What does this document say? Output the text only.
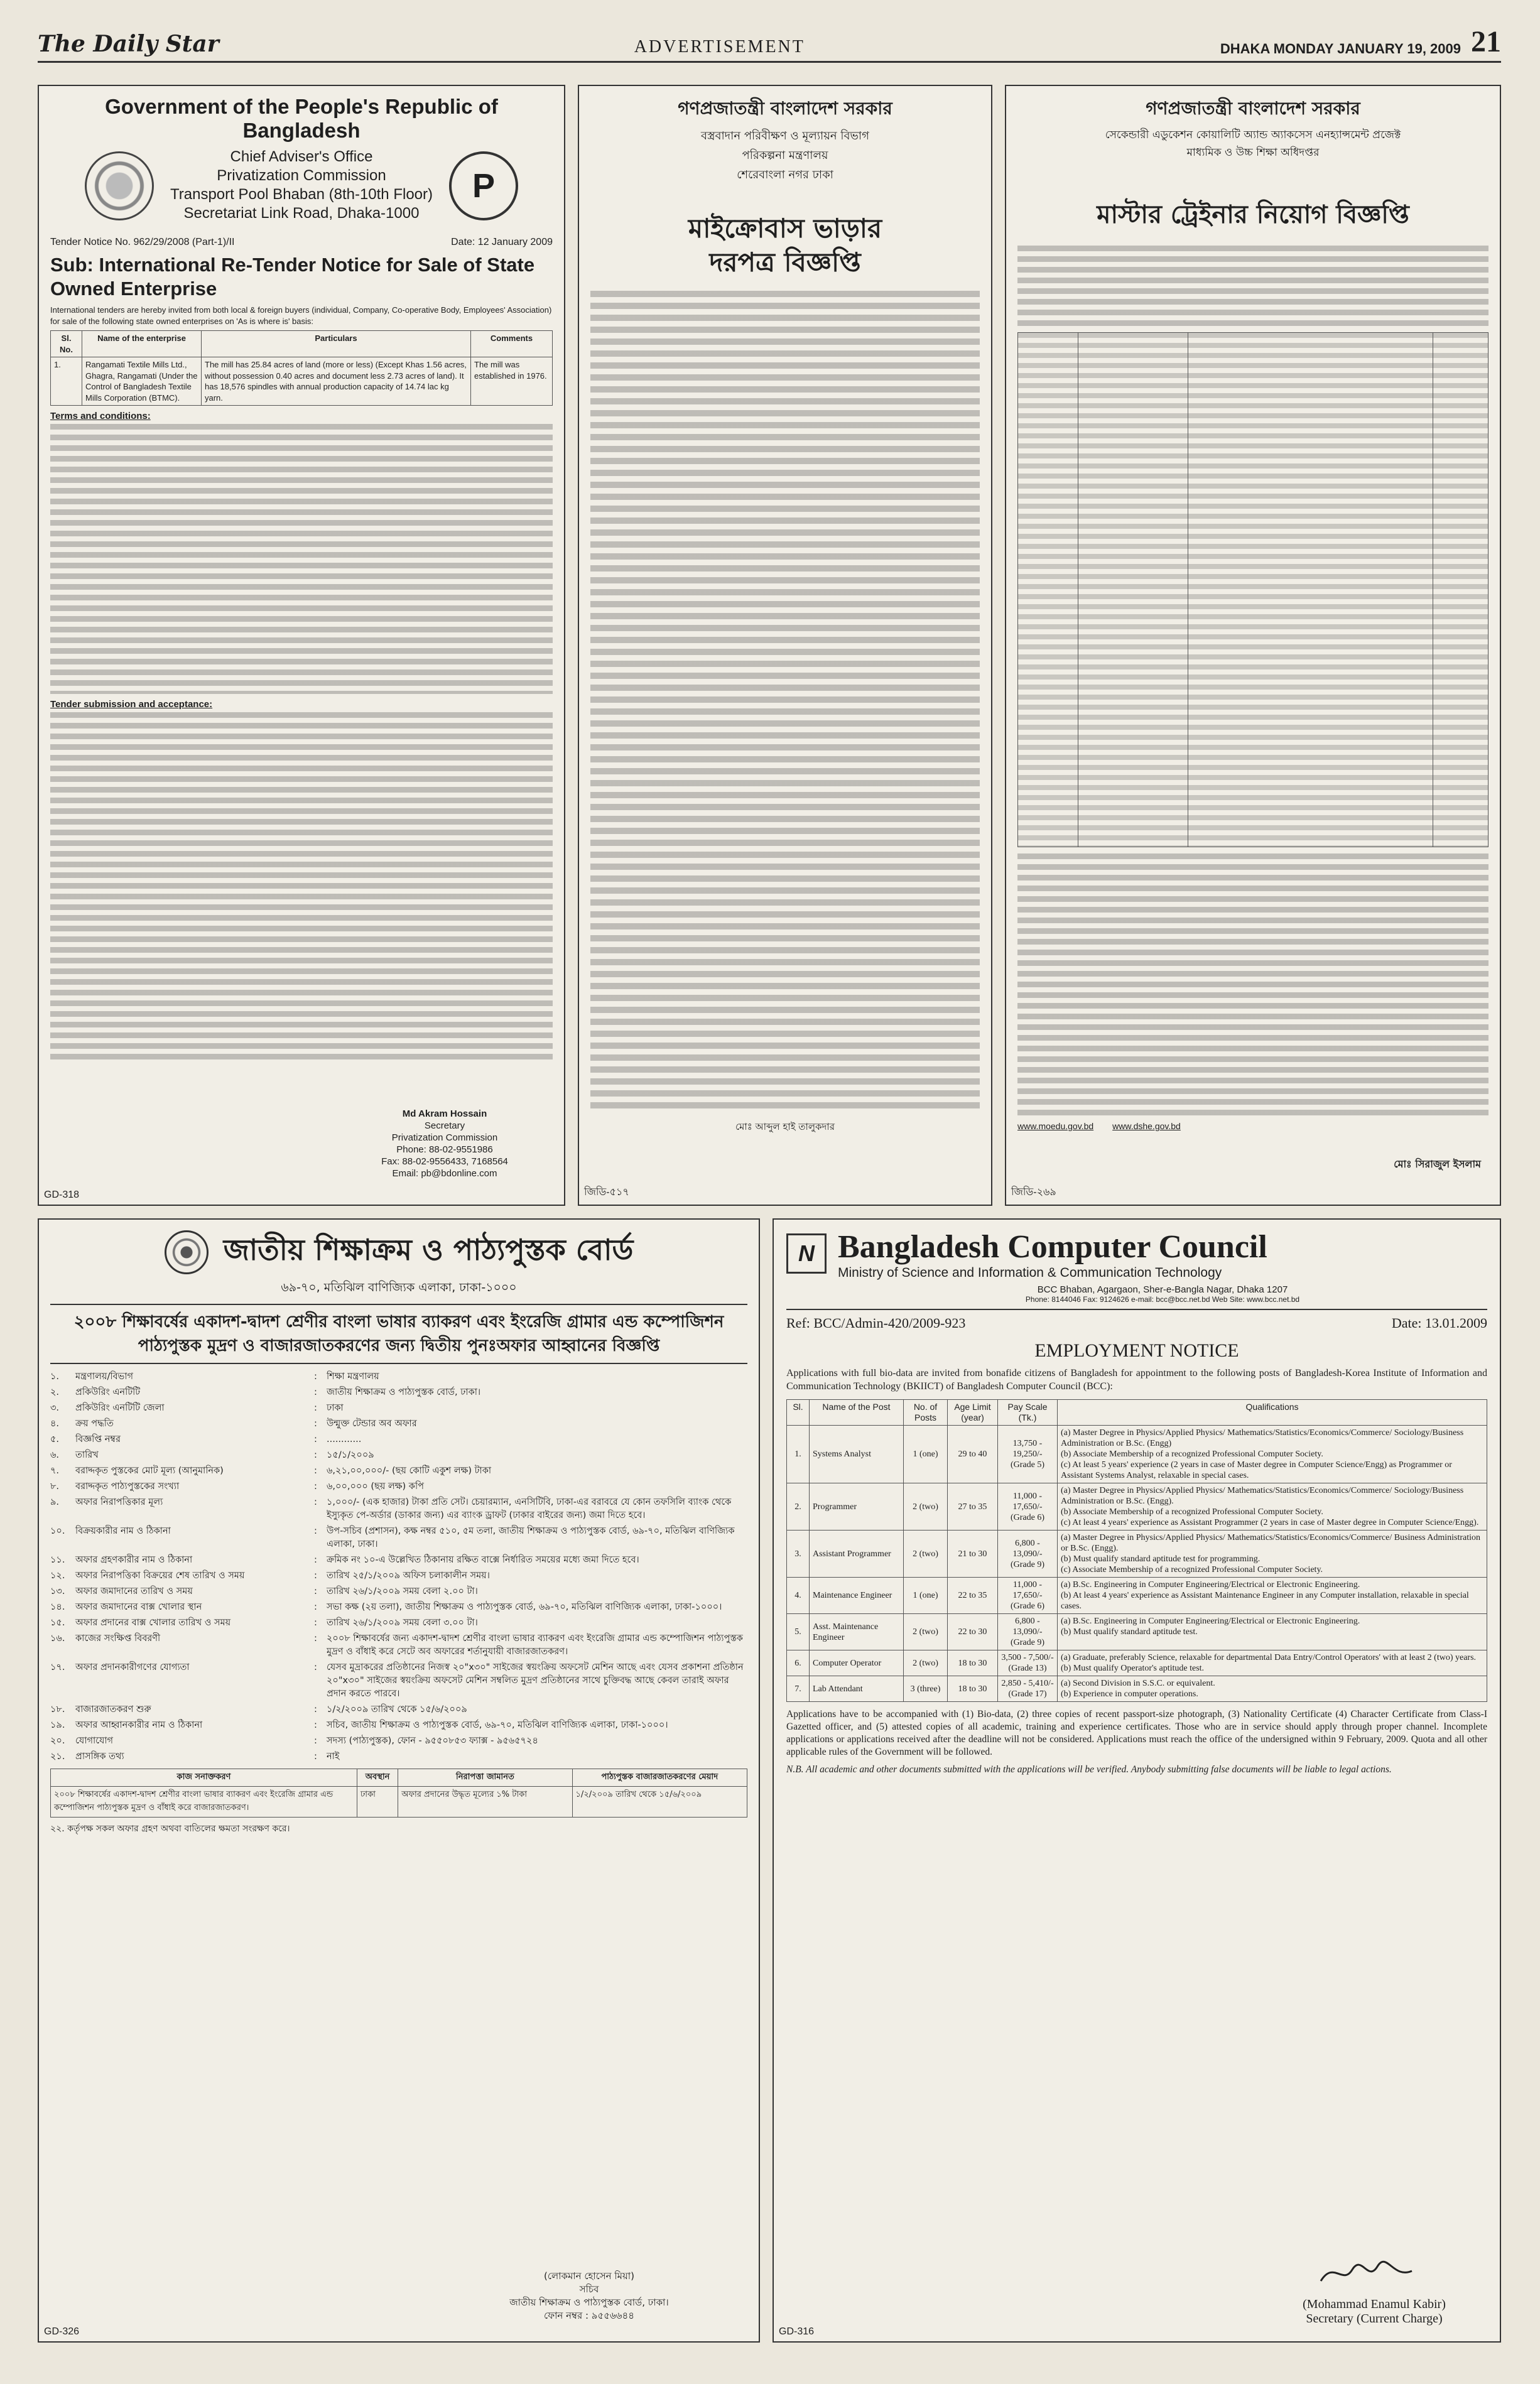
The Daily Star	ADVERTISEMENT	DHAKA MONDAY JANUARY 19, 2009 21
Government of the People's Republic of Bangladesh
P
Chief Adviser's Office
Privatization Commission
Transport Pool Bhaban (8th-10th Floor)
Secretariat Link Road, Dhaka-1000
Tender Notice No. 962/29/2008 (Part-1)/II	Date: 12 January 2009
Sub: International Re-Tender Notice for Sale of State Owned Enterprise
International tenders are hereby invited from both local & foreign buyers (individual, Company, Co-operative Body, Employees' Association) for sale of the following state owned enterprises on 'As is where is' basis:
Sl. No.	Name of the enterprise	Particulars	Comments
1.	Rangamati Textile Mills Ltd., Ghagra, Rangamati (Under the Control of Bangladesh Textile Mills Corporation (BTMC).	The mill has 25.84 acres of land (more or less) (Except Khas 1.56 acres, without possession 0.40 acres and document less 2.73 acres of land). It has 18,576 spindles with annual production capacity of 14.74 lac kg yarn.	The mill was established in 1976.
Terms and conditions:
Tender submission and acceptance:
Md Akram Hossain
Secretary
Privatization Commission
Phone: 88-02-9551986
Fax: 88-02-9556433, 7168564
Email: pb@bdonline.com
GD-318
গণপ্রজাতন্ত্রী বাংলাদেশ সরকার
বস্ত্রবাদান পরিবীক্ষণ ও মূল্যায়ন বিভাগ
পরিকল্পনা মন্ত্রণালয়
শেরেবাংলা নগর ঢাকা
মাইক্রোবাস ভাড়ার
দরপত্র বিজ্ঞপ্তি
মোঃ আব্দুল হাই তালুকদার
জিডি-৫১৭
গণপ্রজাতন্ত্রী বাংলাদেশ সরকার
সেকেন্ডারী এডুকেশন কোয়ালিটি অ্যান্ড অ্যাকসেস এনহ্যান্সমেন্ট প্রজেক্ট
মাধ্যমিক ও উচ্চ শিক্ষা অধিদপ্তর
মাস্টার ট্রেইনার নিয়োগ বিজ্ঞপ্তি
www.moedu.gov.bd www.dshe.gov.bd
মোঃ সিরাজুল ইসলাম
জিডি-২৬৯
জাতীয় শিক্ষাক্রম ও পাঠ্যপুস্তক বোর্ড
৬৯-৭০, মতিঝিল বাণিজ্যিক এলাকা, ঢাকা-১০০০
২০০৮ শিক্ষাবর্ষের একাদশ-দ্বাদশ শ্রেণীর বাংলা ভাষার ব্যাকরণ এবং ইংরেজি গ্রামার এন্ড কম্পোজিশন পাঠ্যপুস্তক মুদ্রণ ও বাজারজাতকরণের জন্য দ্বিতীয় পুনঃঅফার আহ্বানের বিজ্ঞপ্তি
১.	মন্ত্রণালয়/বিভাগ	:	শিক্ষা মন্ত্রণালয়
২.	প্রকিউরিং এনটিটি	:	জাতীয় শিক্ষাক্রম ও পাঠ্যপুস্তক বোর্ড, ঢাকা।
৩.	প্রকিউরিং এনটিটি জেলা	:	ঢাকা
৪.	ক্রয় পদ্ধতি	:	উন্মুক্ত টেন্ডার অব অফার
৫.	বিজ্ঞপ্তি নম্বর	:	............
৬.	তারিখ	:	১৫/১/২০০৯
৭.	বরাদ্দকৃত পুস্তকের মোট মূল্য (আনুমানিক)	:	৬,২১,০০,০০০/- (ছয় কোটি একুশ লক্ষ) টাকা
৮.	বরাদ্দকৃত পাঠ্যপুস্তকের সংখ্যা	:	৬,০০,০০০ (ছয় লক্ষ) কপি
৯.	অফার নিরাপত্তিকার মূল্য	:	১,০০০/- (এক হাজার) টাকা প্রতি সেট। চেয়ারম্যান, এনসিটিবি, ঢাকা-এর বরাবরে যে কোন তফসিলি ব্যাংক থেকে ইস্যুকৃত পে-অর্ডার (ডাকার জন্য) এর ব্যাংক ড্রাফট (ঢাকার বাইরের জন্য) জমা দিতে হবে।
১০.	বিক্রয়কারীর নাম ও ঠিকানা	:	উপ-সচিব (প্রশাসন), কক্ষ নম্বর ৫১০, ৫ম তলা, জাতীয় শিক্ষাক্রম ও পাঠ্যপুস্তক বোর্ড, ৬৯-৭০, মতিঝিল বাণিজ্যিক এলাকা, ঢাকা।
১১.	অফার গ্রহণকারীর নাম ও ঠিকানা	:	ক্রমিক নং ১০-এ উল্লেখিত ঠিকানায় রক্ষিত বাক্সে নির্ধারিত সময়ের মধ্যে জমা দিতে হবে।
১২.	অফার নিরাপত্তিকা বিক্রয়ের শেষ তারিখ ও সময়	:	তারিখ ২৫/১/২০০৯ অফিস চলাকালীন সময়।
১৩.	অফার জমাদানের তারিখ ও সময়	:	তারিখ ২৬/১/২০০৯ সময় বেলা ২.০০ টা।
১৪.	অফার জমাদানের বাক্স খোলার স্থান	:	সভা কক্ষ (২য় তলা), জাতীয় শিক্ষাক্রম ও পাঠ্যপুস্তক বোর্ড, ৬৯-৭০, মতিঝিল বাণিজ্যিক এলাকা, ঢাকা-১০০০।
১৫.	অফার প্রদানের বাক্স খোলার তারিখ ও সময়	:	তারিখ ২৬/১/২০০৯ সময় বেলা ৩.০০ টা।
১৬.	কাজের সংক্ষিপ্ত বিবরণী	:	২০০৮ শিক্ষাবর্ষের জন্য একাদশ-দ্বাদশ শ্রেণীর বাংলা ভাষার ব্যাকরণ এবং ইংরেজি গ্রামার এন্ড কম্পোজিশন পাঠ্যপুস্তক মুদ্রণ ও বাঁধাই করে সেটে অব অফারের শর্তানুযায়ী বাজারজাতকরণ।
১৭.	অফার প্রদানকারীগণের যোগ্যতা	:	যেসব মুদ্রাকরের প্রতিষ্ঠানের নিজস্ব ২০"x৩০" সাইজের স্বয়ংক্রিয় অফসেট মেশিন আছে এবং যেসব প্রকাশনা প্রতিষ্ঠান ২০"x৩০" সাইজের স্বয়ংক্রিয় অফসেট মেশিন সম্বলিত মুদ্রণ প্রতিষ্ঠানের সাথে চুক্তিবদ্ধ আছে কেবল তারাই অফার প্রদান করতে পারবে।
১৮.	বাজারজাতকরণ শুরু	:	১/২/২০০৯ তারিখ থেকে ১৫/৬/২০০৯
১৯.	অফার আহ্বানকারীর নাম ও ঠিকানা	:	সচিব, জাতীয় শিক্ষাক্রম ও পাঠ্যপুস্তক বোর্ড, ৬৯-৭০, মতিঝিল বাণিজ্যিক এলাকা, ঢাকা-১০০০।
২০.	যোগাযোগ	:	সদস্য (পাঠ্যপুস্তক), ফোন - ৯৫৫০৮৫৩ ফ্যাক্স - ৯৫৬৫৭২৪
২১.	প্রাসঙ্গিক তথ্য	:	নাই
কাজ সনাক্তকরণ	অবস্থান	নিরাপত্তা জামানত	পাঠ্যপুস্তক বাজারজাতকরণের মেয়াদ
২০০৮ শিক্ষাবর্ষের একাদশ-দ্বাদশ শ্রেণীর বাংলা ভাষার ব্যাকরণ এবং ইংরেজি গ্রামার এন্ড কম্পোজিশন পাঠ্যপুস্তক মুদ্রণ ও বাঁধাই করে বাজারজাতকরণ।	ঢাকা	অফার প্রদানের উদ্ধৃত মূল্যের ১% টাকা	১/২/২০০৯ তারিখ থেকে ১৫/৬/২০০৯
২২. কর্তৃপক্ষ সকল অফার গ্রহণ অথবা বাতিলের ক্ষমতা সংরক্ষণ করে।
(লোকমান হোসেন মিয়া)
সচিব
জাতীয় শিক্ষাক্রম ও পাঠ্যপুস্তক বোর্ড, ঢাকা।
ফোন নম্বর : ৯৫৫৬৬৪৪
GD-326
N Bangladesh Computer Council
Ministry of Science and Information & Communication Technology
BCC Bhaban, Agargaon, Sher-e-Bangla Nagar, Dhaka 1207
Phone: 8144046 Fax: 9124626 e-mail: bcc@bcc.net.bd Web Site: www.bcc.net.bd
Ref: BCC/Admin-420/2009-923	Date: 13.01.2009
EMPLOYMENT NOTICE
Applications with full bio-data are invited from bonafide citizens of Bangladesh for appointment to the following posts of Bangladesh-Korea Institute of Information and Communication Technology (BKIICT) of Bangladesh Computer Council (BCC):
Sl.	Name of the Post	No. of Posts	Age Limit (year)	Pay Scale (Tk.)	Qualifications
1.	Systems Analyst	1 (one)	29 to 40	13,750 - 19,250/- (Grade 5)	(a) Master Degree in Physics/Applied Physics/ Mathematics/Statistics/Economics/Commerce/ Sociology/Business Administration or B.Sc. (Engg)
(b) Associate Membership of a recognized Professional Computer Society.
(c) At least 5 years' experience (2 years in case of Master degree in Computer Science/Engg) as Programmer or Assistant Systems Analyst, relaxable in special cases.

2.	Programmer	2 (two)	27 to 35	11,000 - 17,650/- (Grade 6)	(a) Master Degree in Physics/Applied Physics/ Mathematics/Statistics/Economics/Commerce/ Sociology/Business Administration or B.Sc. (Engg).
(b) Associate Membership of a recognized Professional Computer Society.
(c) At least 4 years' experience as Assistant Programmer (2 years in case of Master degree in Computer Science/Engg).

3.	Assistant Programmer	2 (two)	21 to 30	6,800 - 13,090/- (Grade 9)	(a) Master Degree in Physics/Applied Physics/ Mathematics/Statistics/Economics/Commerce/ Business Administration or B.Sc. (Engg).
(b) Must qualify standard aptitude test for programming.
(c) Associate Membership of a recognized Professional Computer Society.

4.	Maintenance Engineer	1 (one)	22 to 35	11,000 - 17,650/- (Grade 6)	(a) B.Sc. Engineering in Computer Engineering/Electrical or Electronic Engineering.
(b) At least 4 years' experience as Assistant Maintenance Engineer in any Computer installation, relaxable in special cases.

5.	Asst. Maintenance Engineer	2 (two)	22 to 30	6,800 - 13,090/- (Grade 9)	(a) B.Sc. Engineering in Computer Engineering/Electrical or Electronic Engineering.
(b) Must qualify standard aptitude test.

6.	Computer Operator	2 (two)	18 to 30	3,500 - 7,500/- (Grade 13)	(a) Graduate, preferably Science, relaxable for departmental Data Entry/Control Operators' with at least 2 (two) years.
(b) Must qualify Operator's aptitude test.

7.	Lab Attendant	3 (three)	18 to 30	2,850 - 5,410/- (Grade 17)	(a) Second Division in S.S.C. or equivalent.
(b) Experience in computer operations.
Applications have to be accompanied with (1) Bio-data, (2) three copies of recent passport-size photograph, (3) Nationality Certificate (4) Character Certificate from Class-I Gazetted officer, and (5) attested copies of all academic, training and experience certificates. Those who are in service should apply through proper channel. Incomplete applications or applications received after the deadline will not be considered. Applications must reach the office of the undersigned within 9 February, 2009. Quota and all other applicable rules of the Government will be followed.
N.B. All academic and other documents submitted with the applications will be verified. Anybody submitting false documents will be liable to legal actions.
(Mohammad Enamul Kabir)
Secretary (Current Charge)
GD-316
